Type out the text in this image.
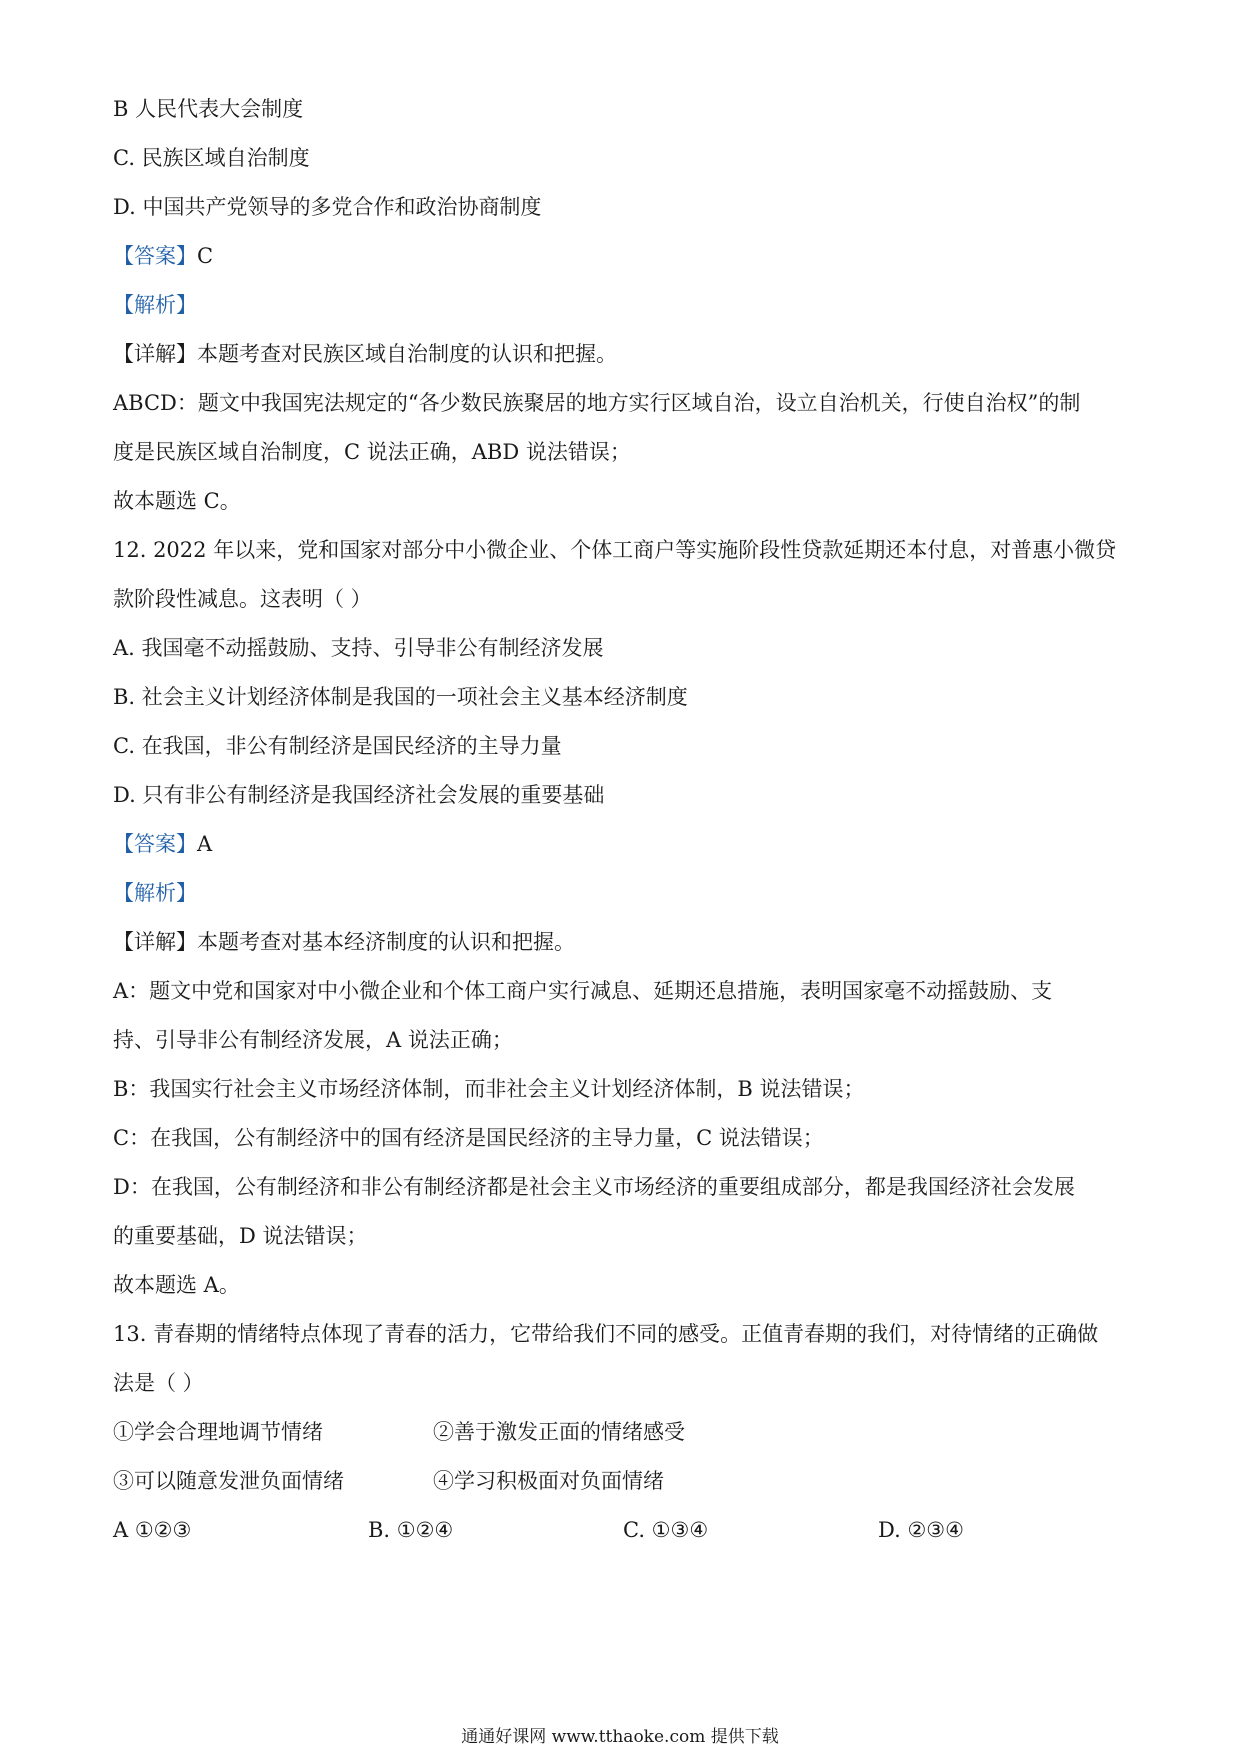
B 人民代表大会制度
C. 民族区域自治制度
D. 中国共产党领导的多党合作和政治协商制度
【答案】C
【解析】
【详解】本题考查对民族区域自治制度的认识和把握。
ABCD：题文中我国宪法规定的“各少数民族聚居的地方实行区域自治，设立自治机关，行使自治权”的制
度是民族区域自治制度，C 说法正确，ABD 说法错误；
故本题选 C。
12. 2022 年以来，党和国家对部分中小微企业、个体工商户等实施阶段性贷款延期还本付息，对普惠小微贷
款阶段性减息。这表明（ ）
A. 我国毫不动摇鼓励、支持、引导非公有制经济发展
B. 社会主义计划经济体制是我国的一项社会主义基本经济制度
C. 在我国，非公有制经济是国民经济的主导力量
D. 只有非公有制经济是我国经济社会发展的重要基础
【答案】A
【解析】
【详解】本题考查对基本经济制度的认识和把握。
A：题文中党和国家对中小微企业和个体工商户实行减息、延期还息措施，表明国家毫不动摇鼓励、支
持、引导非公有制经济发展，A 说法正确；
B：我国实行社会主义市场经济体制，而非社会主义计划经济体制，B 说法错误；
C：在我国，公有制经济中的国有经济是国民经济的主导力量，C 说法错误；
D：在我国，公有制经济和非公有制经济都是社会主义市场经济的重要组成部分，都是我国经济社会发展
的重要基础，D 说法错误；
故本题选 A。
13. 青春期的情绪特点体现了青春的活力，它带给我们不同的感受。正值青春期的我们，对待情绪的正确做
法是（ ）
①学会合理地调节情绪	②善于激发正面的情绪感受
③可以随意发泄负面情绪	④学习积极面对负面情绪
A ①②③	B. ①②④	C. ①③④	D. ②③④
通通好课网 www.tthaoke.com 提供下载
